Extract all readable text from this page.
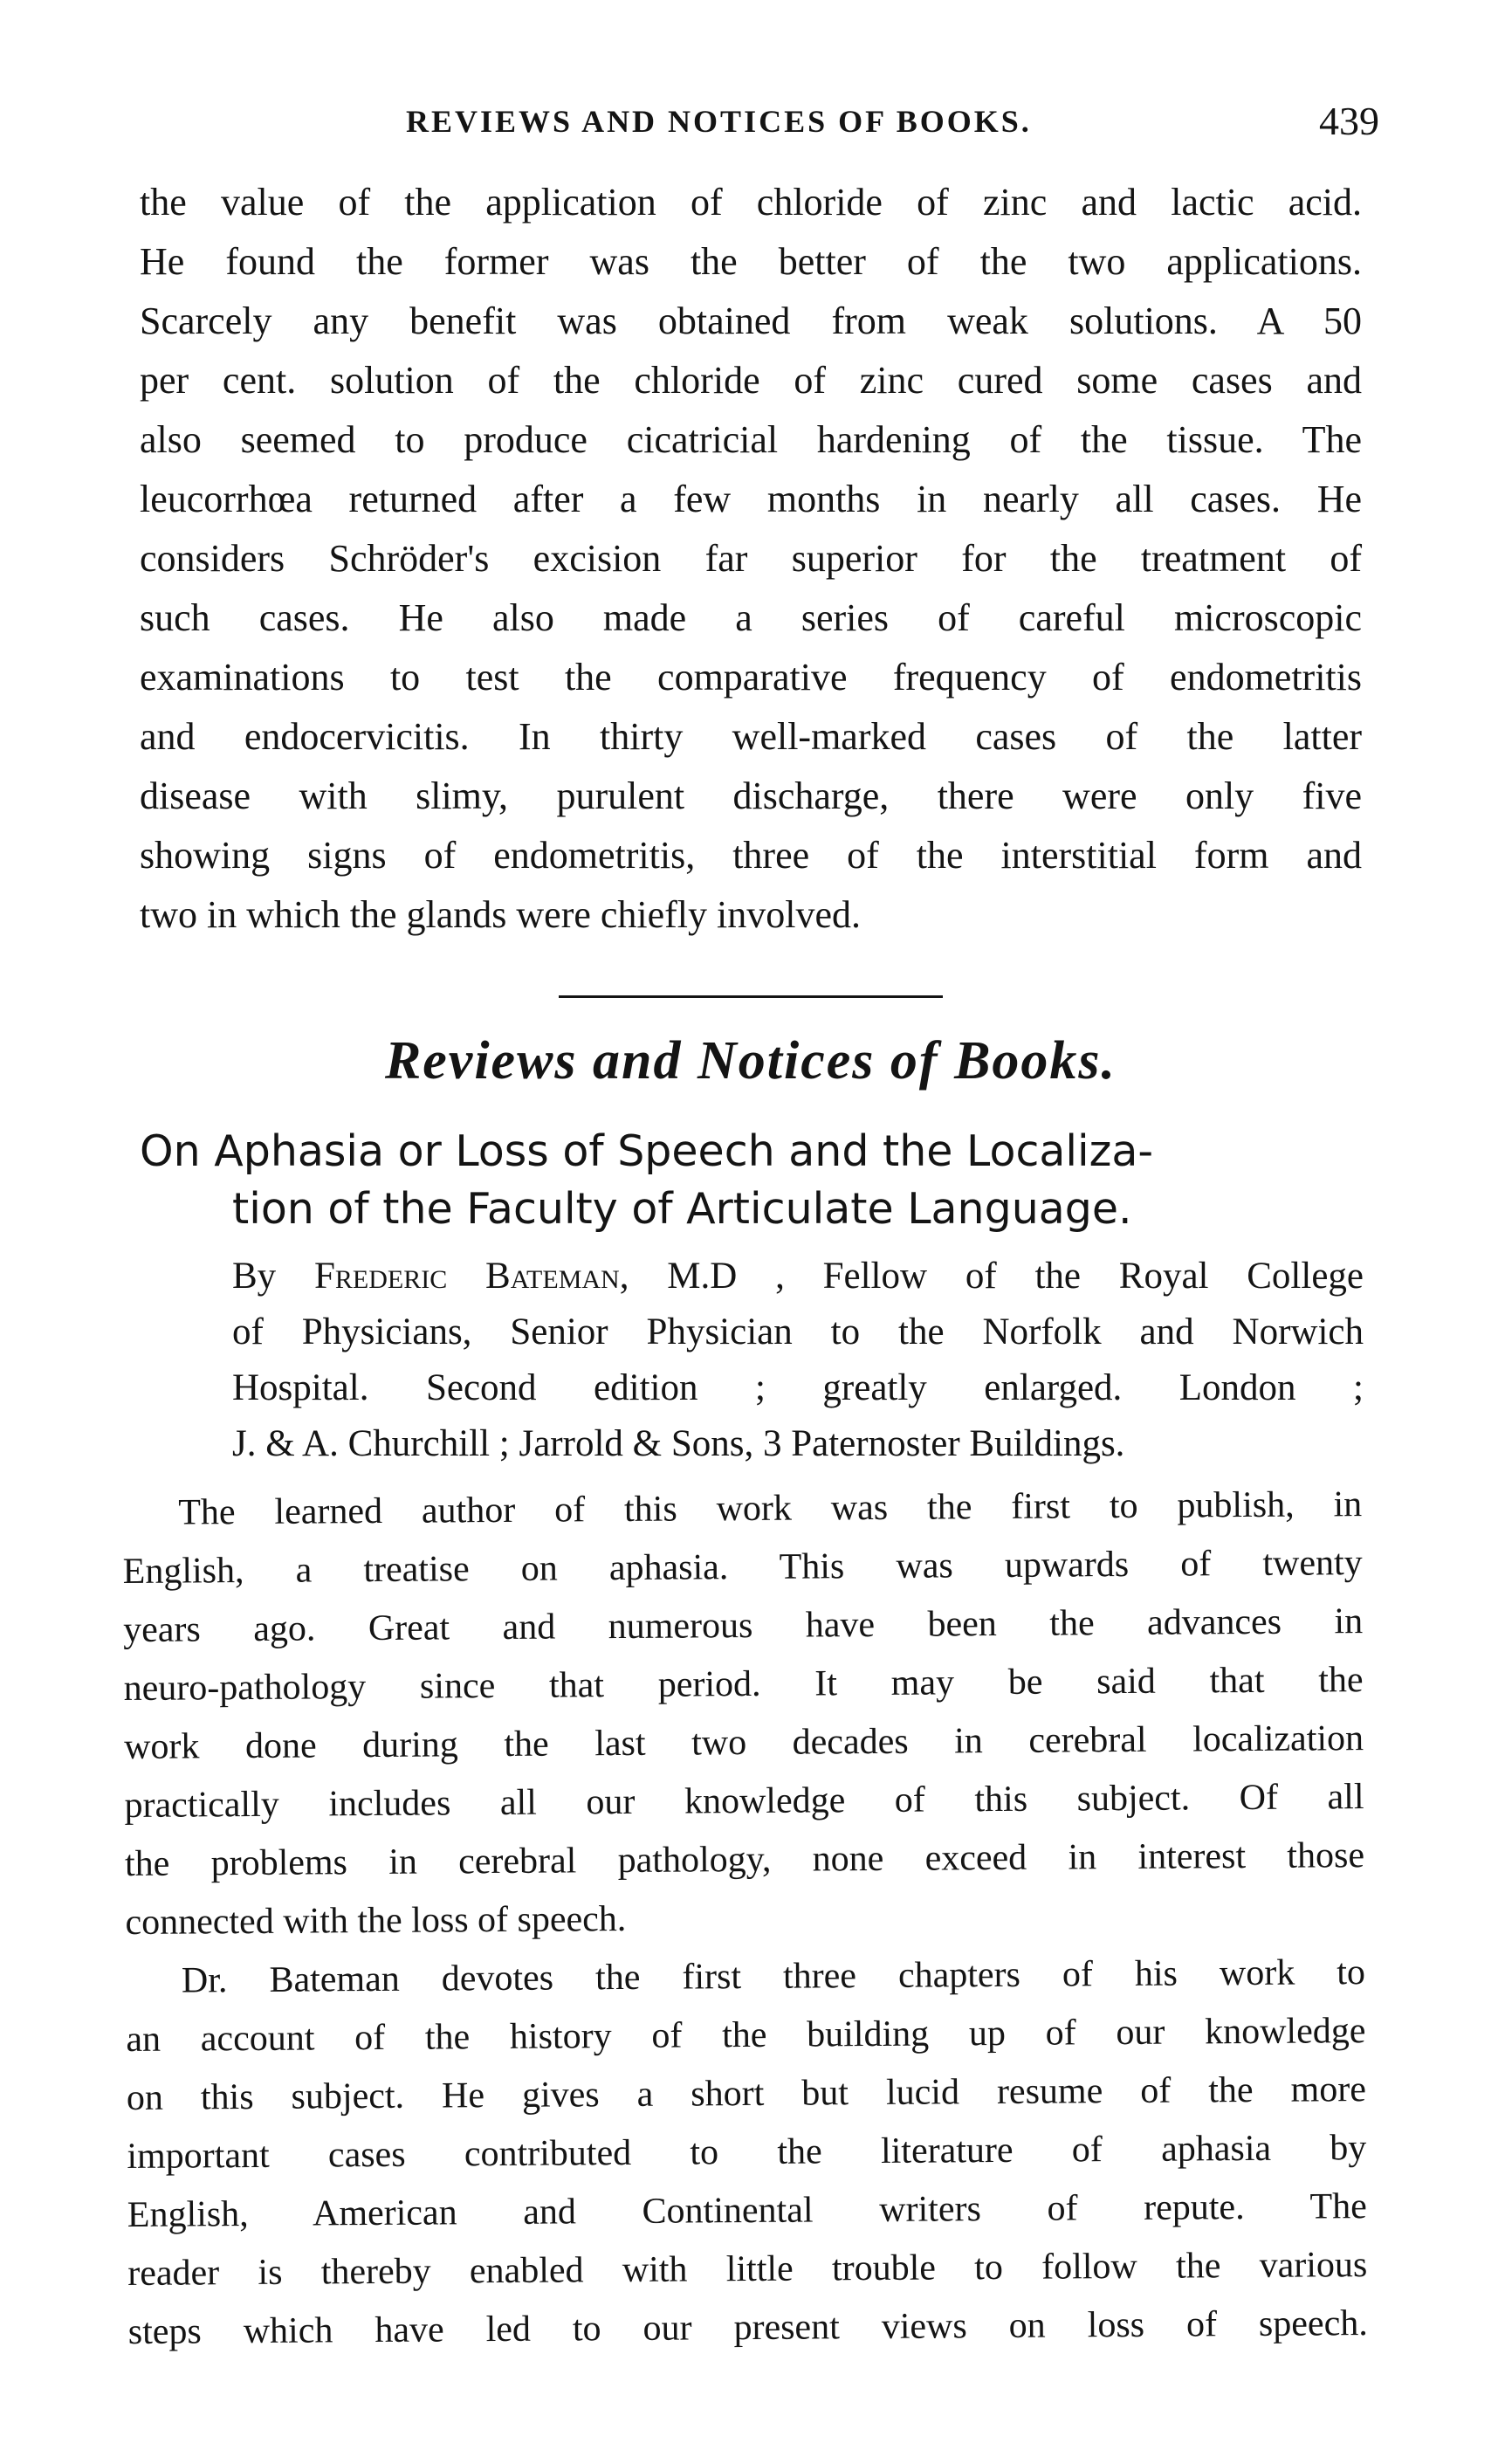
REVIEWS AND NOTICES OF BOOKS.	439
the value of the application of chloride of zinc and lactic acid.
He found the former was the better of the two applications.
Scarcely any benefit was obtained from weak solutions. A 50
per cent. solution of the chloride of zinc cured some cases and
also seemed to produce cicatricial hardening of the tissue. The
leucorrhœa returned after a few months in nearly all cases. He
considers Schröder's excision far superior for the treatment of
such cases. He also made a series of careful microscopic
examinations to test the comparative frequency of endometritis
and endocervicitis. In thirty well-marked cases of the latter
disease with slimy, purulent discharge, there were only five
showing signs of endometritis, three of the interstitial form and
two in which the glands were chiefly involved.
Reviews and Notices of Books.
On Aphasia or Loss of Speech and the Localiza-
tion of the Faculty of Articulate Language.
By Frederic Bateman, M.D , Fellow of the Royal College
of Physicians, Senior Physician to the Norfolk and Norwich
Hospital. Second edition ; greatly enlarged. London ;
J. & A. Churchill ; Jarrold & Sons, 3 Paternoster Buildings.
The learned author of this work was the first to publish, in
English, a treatise on aphasia. This was upwards of twenty
years ago. Great and numerous have been the advances in
neuro-pathology since that period. It may be said that the
work done during the last two decades in cerebral localization
practically includes all our knowledge of this subject. Of all
the problems in cerebral pathology, none exceed in interest those
connected with the loss of speech.
Dr. Bateman devotes the first three chapters of his work to
an account of the history of the building up of our knowledge
on this subject. He gives a short but lucid resume of the more
important cases contributed to the literature of aphasia by
English, American and Continental writers of repute. The
reader is thereby enabled with little trouble to follow the various
steps which have led to our present views on loss of speech.
